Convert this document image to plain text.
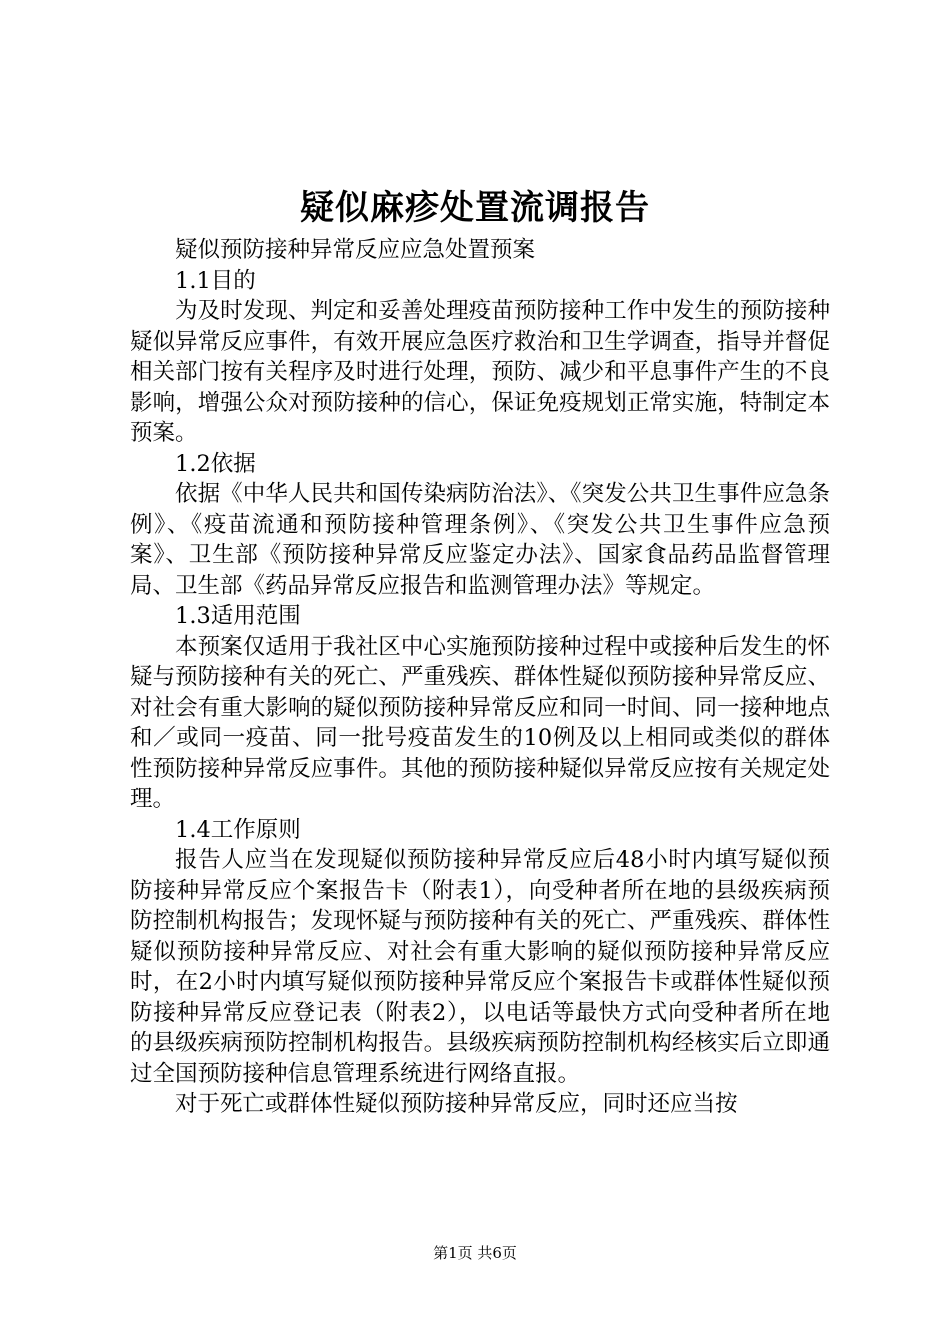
疑似麻疹处置流调报告

疑似预防接种异常反应应急处置预案

1.1目的

为及时发现、判定和妥善处理疫苗预防接种工作中发生的预防接种疑似异常反应事件，有效开展应急医疗救治和卫生学调查，指导并督促相关部门按有关程序及时进行处理，预防、减少和平息事件产生的不良影响，增强公众对预防接种的信心，保证免疫规划正常实施，特制定本预案。

1.2依据

依据《中华人民共和国传染病防治法》、《突发公共卫生事件应急条例》、《疫苗流通和预防接种管理条例》、《突发公共卫生事件应急预案》、卫生部《预防接种异常反应鉴定办法》、国家食品药品监督管理局、卫生部《药品异常反应报告和监测管理办法》等规定。

1.3适用范围

本预案仅适用于我社区中心实施预防接种过程中或接种后发生的怀疑与预防接种有关的死亡、严重残疾、群体性疑似预防接种异常反应、对社会有重大影响的疑似预防接种异常反应和同一时间、同一接种地点和／或同一疫苗、同一批号疫苗发生的10例及以上相同或类似的群体性预防接种异常反应事件。其他的预防接种疑似异常反应按有关规定处理。

1.4工作原则

报告人应当在发现疑似预防接种异常反应后48小时内填写疑似预防接种异常反应个案报告卡（附表1），向受种者所在地的县级疾病预防控制机构报告；发现怀疑与预防接种有关的死亡、严重残疾、群体性疑似预防接种异常反应、对社会有重大影响的疑似预防接种异常反应时，在2小时内填写疑似预防接种异常反应个案报告卡或群体性疑似预防接种异常反应登记表（附表2），以电话等最快方式向受种者所在地的县级疾病预防控制机构报告。县级疾病预防控制机构经核实后立即通过全国预防接种信息管理系统进行网络直报。

对于死亡或群体性疑似预防接种异常反应，同时还应当按

第1页 共6页
